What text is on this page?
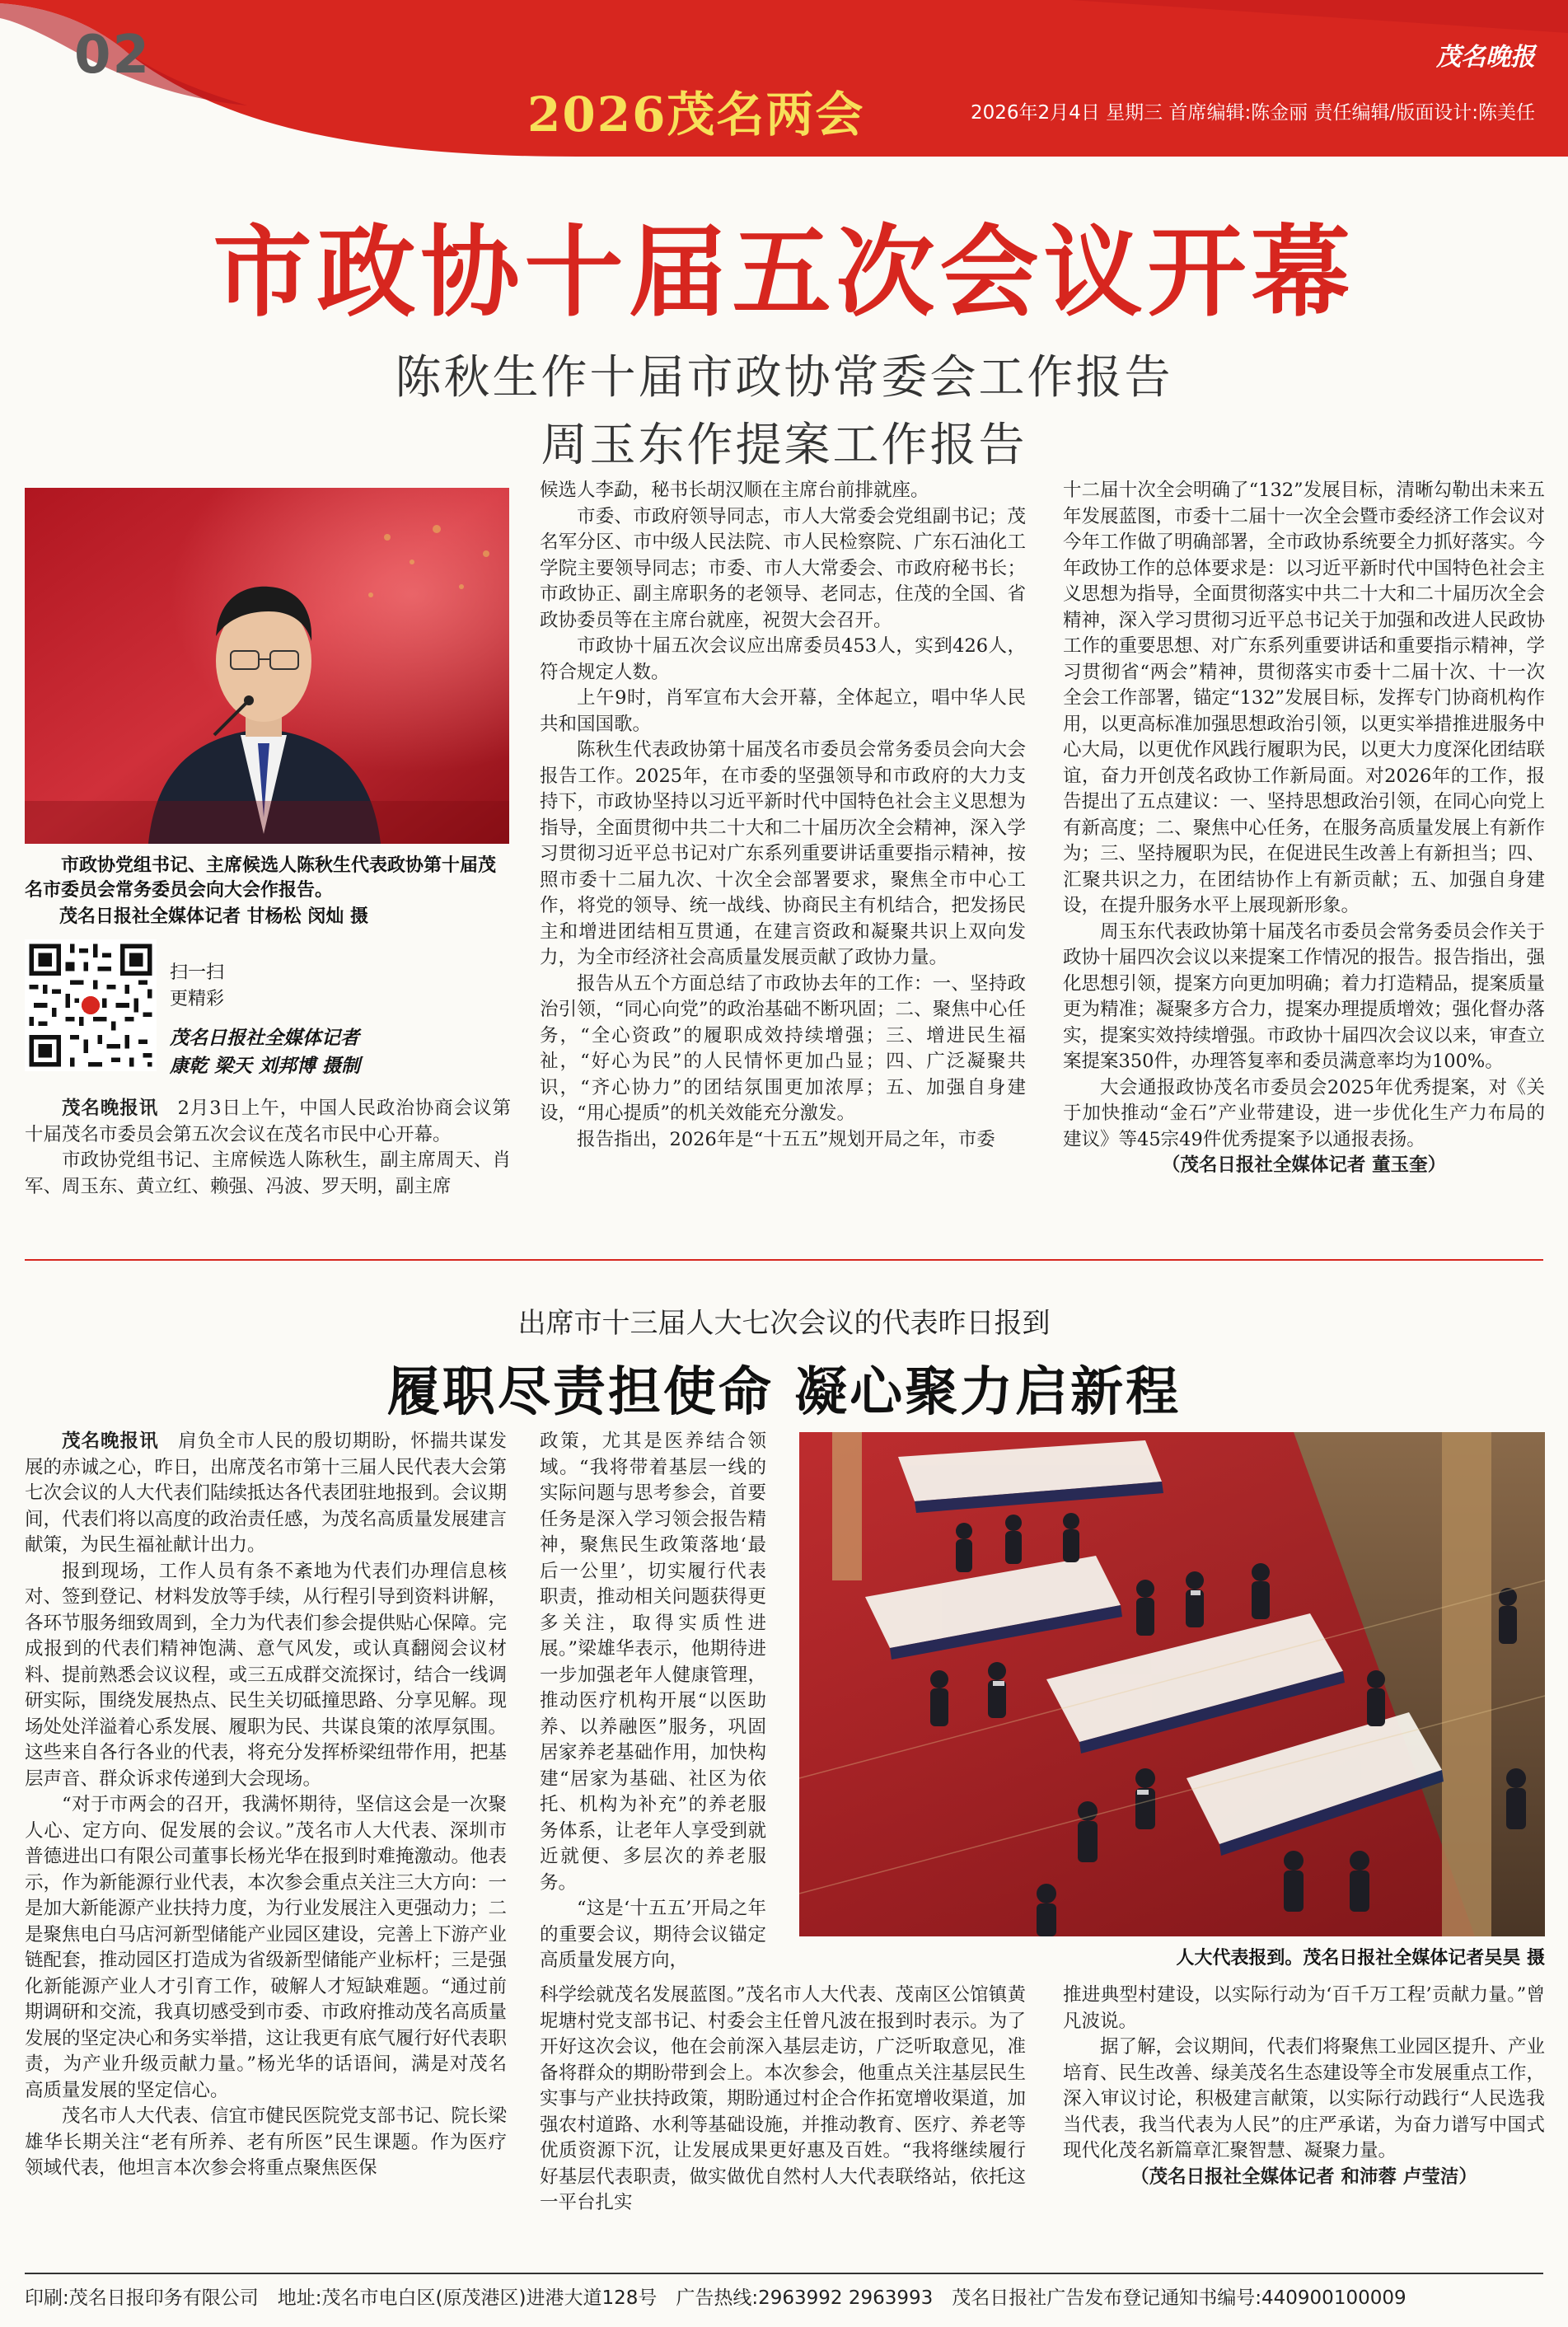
02
2026茂名两会
茂名晚报
2026年2月4日 星期三 首席编辑:陈金丽 责任编辑/版面设计:陈美任
市政协十届五次会议开幕
陈秋生作十届市政协常委会工作报告
周玉东作提案工作报告
市政协党组书记、主席候选人陈秋生代表政协第十届茂名市委员会常务委员会向大会作报告。
茂名日报社全媒体记者 甘杨松 闵灿 摄
扫一扫
更精彩
茂名日报社全媒体记者
康乾 梁天 刘邦博 摄制

茂名晚报讯　 2月3日上午，中国人民政治协商会议第十届茂名市委员会第五次会议在茂名市民中心开幕。

市政协党组书记、主席候选人陈秋生，副主席周天、肖军、周玉东、黄立红、赖强、冯波、罗天明，副主席

候选人李勐，秘书长胡汉顺在主席台前排就座。

市委、市政府领导同志，市人大常委会党组副书记；茂名军分区、市中级人民法院、市人民检察院、广东石油化工学院主要领导同志；市委、市人大常委会、市政府秘书长；市政协正、副主席职务的老领导、老同志，住茂的全国、省政协委员等在主席台就座，祝贺大会召开。

市政协十届五次会议应出席委员453人，实到426人，符合规定人数。

上午9时，肖军宣布大会开幕，全体起立，唱中华人民共和国国歌。

陈秋生代表政协第十届茂名市委员会常务委员会向大会报告工作。2025年，在市委的坚强领导和市政府的大力支持下，市政协坚持以习近平新时代中国特色社会主义思想为指导，全面贯彻中共二十大和二十届历次全会精神，深入学习贯彻习近平总书记对广东系列重要讲话重要指示精神，按照市委十二届九次、十次全会部署要求，聚焦全市中心工作，将党的领导、统一战线、协商民主有机结合，把发扬民主和增进团结相互贯通，在建言资政和凝聚共识上双向发力，为全市经济社会高质量发展贡献了政协力量。

报告从五个方面总结了市政协去年的工作：一、坚持政治引领，“同心向党”的政治基础不断巩固；二、聚焦中心任务，“全心资政”的履职成效持续增强；三、增进民生福祉，“好心为民”的人民情怀更加凸显；四、广泛凝聚共识，“齐心协力”的团结氛围更加浓厚；五、加强自身建设，“用心提质”的机关效能充分激发。

报告指出，2026年是“十五五”规划开局之年，市委

十二届十次全会明确了“132”发展目标，清晰勾勒出未来五年发展蓝图，市委十二届十一次全会暨市委经济工作会议对今年工作做了明确部署，全市政协系统要全力抓好落实。今年政协工作的总体要求是：以习近平新时代中国特色社会主义思想为指导，全面贯彻落实中共二十大和二十届历次全会精神，深入学习贯彻习近平总书记关于加强和改进人民政协工作的重要思想、对广东系列重要讲话和重要指示精神，学习贯彻省“两会”精神，贯彻落实市委十二届十次、十一次全会工作部署，锚定“132”发展目标，发挥专门协商机构作用，以更高标准加强思想政治引领，以更实举措推进服务中心大局，以更优作风践行履职为民，以更大力度深化团结联谊，奋力开创茂名政协工作新局面。对2026年的工作，报告提出了五点建议：一、坚持思想政治引领，在同心向党上有新高度；二、聚焦中心任务，在服务高质量发展上有新作为；三、坚持履职为民，在促进民生改善上有新担当；四、汇聚共识之力，在团结协作上有新贡献；五、加强自身建设，在提升服务水平上展现新形象。

周玉东代表政协第十届茂名市委员会常务委员会作关于政协十届四次会议以来提案工作情况的报告。报告指出，强化思想引领，提案方向更加明确；着力打造精品，提案质量更为精准；凝聚多方合力，提案办理提质增效；强化督办落实，提案实效持续增强。市政协十届四次会议以来，审查立案提案350件，办理答复率和委员满意率均为100%。

大会通报政协茂名市委员会2025年优秀提案，对《关于加快推动“金石”产业带建设，进一步优化生产力布局的建议》等45宗49件优秀提案予以通报表扬。

（茂名日报社全媒体记者 董玉奎）

出席市十三届人大七次会议的代表昨日报到
履职尽责担使命 凝心聚力启新程

茂名晚报讯　 肩负全市人民的殷切期盼，怀揣共谋发展的赤诚之心，昨日，出席茂名市第十三届人民代表大会第七次会议的人大代表们陆续抵达各代表团驻地报到。会议期间，代表们将以高度的政治责任感，为茂名高质量发展建言献策，为民生福祉献计出力。

报到现场，工作人员有条不紊地为代表们办理信息核对、签到登记、材料发放等手续，从行程引导到资料讲解，各环节服务细致周到，全力为代表们参会提供贴心保障。完成报到的代表们精神饱满、意气风发，或认真翻阅会议材料、提前熟悉会议议程，或三五成群交流探讨，结合一线调研实际，围绕发展热点、民生关切砥撞思路、分享见解。现场处处洋溢着心系发展、履职为民、共谋良策的浓厚氛围。这些来自各行各业的代表，将充分发挥桥梁纽带作用，把基层声音、群众诉求传递到大会现场。

“对于市两会的召开，我满怀期待，坚信这会是一次聚人心、定方向、促发展的会议。”茂名市人大代表、深圳市普德进出口有限公司董事长杨光华在报到时难掩激动。他表示，作为新能源行业代表，本次参会重点关注三大方向：一是加大新能源产业扶持力度，为行业发展注入更强动力；二是聚焦电白马店河新型储能产业园区建设，完善上下游产业链配套，推动园区打造成为省级新型储能产业标杆；三是强化新能源产业人才引育工作，破解人才短缺难题。“通过前期调研和交流，我真切感受到市委、市政府推动茂名高质量发展的坚定决心和务实举措，这让我更有底气履行好代表职责，为产业升级贡献力量。”杨光华的话语间，满是对茂名高质量发展的坚定信心。

茂名市人大代表、信宜市健民医院党支部书记、院长梁雄华长期关注“老有所养、老有所医”民生课题。作为医疗领域代表，他坦言本次参会将重点聚焦医保

政策，尤其是医养结合领域。“我将带着基层一线的实际问题与思考参会，首要任务是深入学习领会报告精神，聚焦民生政策落地‘最后一公里’，切实履行代表职责，推动相关问题获得更多关注，取得实质性进展。”梁雄华表示，他期待进一步加强老年人健康管理，推动医疗机构开展“以医助养、以养融医”服务，巩固居家养老基础作用，加快构建“居家为基础、社区为依托、机构为补充”的养老服务体系，让老年人享受到就近就便、多层次的养老服务。

“这是‘十五五’开局之年的重要会议，期待会议锚定高质量发展方向，	人大代表报到。茂名日报社全媒体记者吴昊 摄

科学绘就茂名发展蓝图。”茂名市人大代表、茂南区公馆镇黄坭塘村党支部书记、村委会主任曾凡波在报到时表示。为了开好这次会议，他在会前深入基层走访，广泛听取意见，准备将群众的期盼带到会上。本次参会，他重点关注基层民生实事与产业扶持政策，期盼通过村企合作拓宽增收渠道，加强农村道路、水利等基础设施，并推动教育、医疗、养老等优质资源下沉，让发展成果更好惠及百姓。“我将继续履行好基层代表职责，做实做优自然村人大代表联络站，依托这一平台扎实

推进典型村建设，以实际行动为‘百千万工程’贡献力量。”曾凡波说。

据了解，会议期间，代表们将聚焦工业园区提升、产业培育、民生改善、绿美茂名生态建设等全市发展重点工作，深入审议讨论，积极建言献策，以实际行动践行“人民选我当代表，我当代表为人民”的庄严承诺，为奋力谱写中国式现代化茂名新篇章汇聚智慧、凝聚力量。

（茂名日报社全媒体记者 和沛蓉 卢莹洁）

印刷:茂名日报印务有限公司　地址:茂名市电白区(原茂港区)进港大道128号　广告热线:2963992 2963993　茂名日报社广告发布登记通知书编号:440900100009
